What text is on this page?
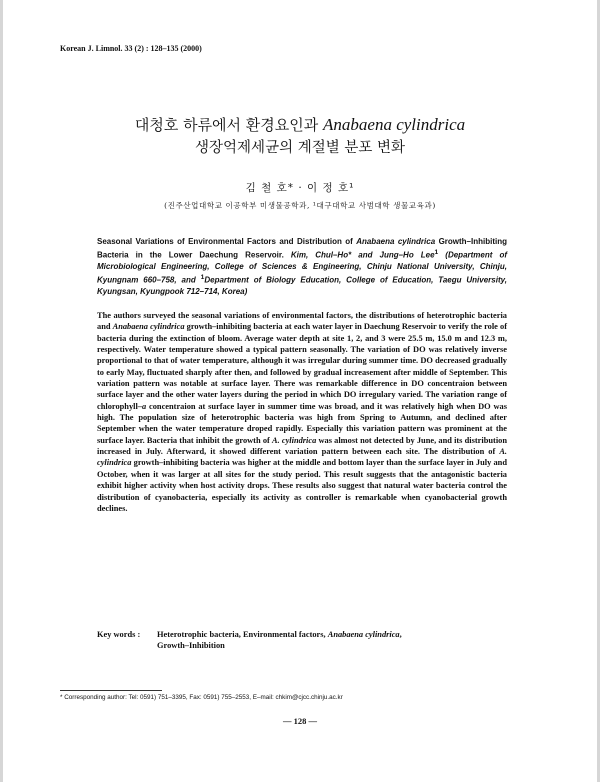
Korean J. Limnol. 33 (2) : 128–135 (2000)
대청호 하류에서 환경요인과 Anabaena cylindrica
생장억제세균의 계절별 분포 변화
김 철 호* · 이 정 호¹
(진주산업대학교 이공학부 미생물공학과, ¹대구대학교 사범대학 생물교육과)
Seasonal Variations of Environmental Factors and Distribution of Anabaena cylindrica Growth–Inhibiting Bacteria in the Lower Daechung Reservoir. Kim, Chul–Ho* and Jung–Ho Lee$^1$ (Department of Microbiological Engineering, College of Sciences & Engineering, Chinju National University, Chinju, Kyungnam 660–758, and $^1$Department of Biology Education, College of Education, Taegu University, Kyungsan, Kyungpook 712–714, Korea)

The authors surveyed the seasonal variations of environmental factors, the distributions of heterotrophic bacteria and Anabaena cylindrica growth–inhibiting bacteria at each water layer in Daechung Reservoir to verify the role of bacteria during the extinction of bloom. Average water depth at site 1, 2, and 3 were 25.5 m, 15.0 m and 12.3 m, respectively. Water temperature showed a typical pattern seasonally. The variation of DO was relatively inverse proportional to that of water temperature, although it was irregular during summer time. DO decreased gradually to early May, fluctuated sharply after then, and followed by gradual increasement after middle of September. This variation pattern was notable at surface layer. There was remarkable difference in DO concentraion between surface layer and the other water layers during the period in which DO irregulary varied. The variation range of chlorophyll–a concentraion at surface layer in summer time was broad, and it was relatively high when DO was high. The population size of heterotrophic bacteria was high from Spring to Autumn, and declined after September when the water temperature droped rapidly. Especially this variation pattern was prominent at the surface layer. Bacteria that inhibit the growth of A. cylindrica was almost not detected by June, and its distribution increased in July. Afterward, it showed different variation pattern between each site. The distribution of A. cylindrica growth–inhibiting bacteria was higher at the middle and bottom layer than the surface layer in July and October, when it was larger at all sites for the study period. This result suggests that the antagonistic bacteria exhibit higher activity when host activity drops. These results also suggest that natural water bacteria control the distribution of cyanobacteria, especially its activity as controller is remarkable when cyanobacterial growth declines.

Key words : Heterotrophic bacteria, Environmental factors, Anabaena cylindrica,
Growth–Inhibition
* Corresponding author: Tel: 0591) 751–3395, Fax: 0591) 755–2553, E–mail: chkim@cjcc.chinju.ac.kr
— 128 —
